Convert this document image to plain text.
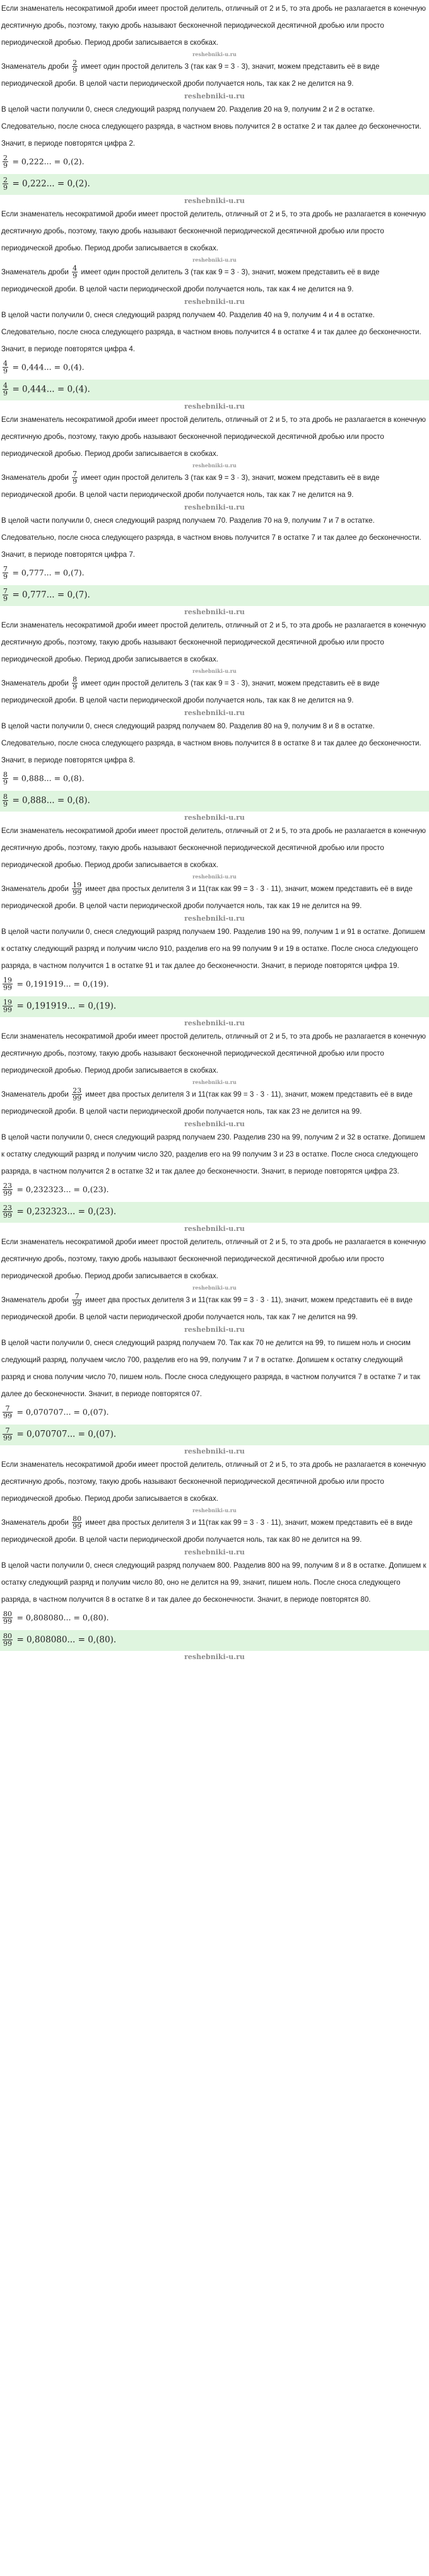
Если знаменатель несократимой дроби имеет простой делитель, отличный от 2 и 5, то эта дробь не разлагается в конечную десятичную дробь, поэтому, такую дробь называют бесконечной периодической десятичной дробью или просто периодической дробью. Период дроби записывается в скобках.

reshebniki-u.ru

Знаменатель дроби $\frac{2}{9}$ имеет один простой делитель 3 (так как 9 = 3 · 3), значит, можем представить её в виде периодической дроби. В целой части периодической дроби получается ноль, так как 2 не делится на 9.

reshebniki-u.ru

В целой части получили 0, снеся следующий разряд получаем 20. Разделив 20 на 9, получим 2 и 2 в остатке. Следовательно, после сноса следующего разряда, в частном вновь получится 2 в остатке 2 и так далее до бесконечности. Значит, в периоде повторятся цифра 2.

$\frac{2}{9} = 0,222$... = 0,(2).
$\frac{2}{9} = 0,222$... = 0,(2).
reshebniki-u.ru

Если знаменатель несократимой дроби имеет простой делитель, отличный от 2 и 5, то эта дробь не разлагается в конечную десятичную дробь, поэтому, такую дробь называют бесконечной периодической десятичной дробью или просто периодической дробью. Период дроби записывается в скобках.

reshebniki-u.ru

Знаменатель дроби $\frac{4}{9}$ имеет один простой делитель 3 (так как 9 = 3 · 3), значит, можем представить её в виде периодической дроби. В целой части периодической дроби получается ноль, так как 4 не делится на 9.

reshebniki-u.ru

В целой части получили 0, снеся следующий разряд получаем 40. Разделив 40 на 9, получим 4 и 4 в остатке. Следовательно, после сноса следующего разряда, в частном вновь получится 4 в остатке 4 и так далее до бесконечности. Значит, в периоде повторятся цифра 4.

$\frac{4}{9} = 0,444$... = 0,(4).
$\frac{4}{9} = 0,444$... = 0,(4).
reshebniki-u.ru

Если знаменатель несократимой дроби имеет простой делитель, отличный от 2 и 5, то эта дробь не разлагается в конечную десятичную дробь, поэтому, такую дробь называют бесконечной периодической десятичной дробью или просто периодической дробью. Период дроби записывается в скобках.

reshebniki-u.ru

Знаменатель дроби $\frac{7}{9}$ имеет один простой делитель 3 (так как 9 = 3 · 3), значит, можем представить её в виде периодической дроби. В целой части периодической дроби получается ноль, так как 7 не делится на 9.

reshebniki-u.ru

В целой части получили 0, снеся следующий разряд получаем 70. Разделив 70 на 9, получим 7 и 7 в остатке. Следовательно, после сноса следующего разряда, в частном вновь получится 7 в остатке 7 и так далее до бесконечности. Значит, в периоде повторятся цифра 7.

$\frac{7}{9} = 0,777$... = 0,(7).
$\frac{7}{9} = 0,777$... = 0,(7).
reshebniki-u.ru

Если знаменатель несократимой дроби имеет простой делитель, отличный от 2 и 5, то эта дробь не разлагается в конечную десятичную дробь, поэтому, такую дробь называют бесконечной периодической десятичной дробью или просто периодической дробью. Период дроби записывается в скобках.

reshebniki-u.ru

Знаменатель дроби $\frac{8}{9}$ имеет один простой делитель 3 (так как 9 = 3 · 3), значит, можем представить её в виде периодической дроби. В целой части периодической дроби получается ноль, так как 8 не делится на 9.

reshebniki-u.ru

В целой части получили 0, снеся следующий разряд получаем 80. Разделив 80 на 9, получим 8 и 8 в остатке. Следовательно, после сноса следующего разряда, в частном вновь получится 8 в остатке 8 и так далее до бесконечности. Значит, в периоде повторятся цифра 8.

$\frac{8}{9} = 0,888$... = 0,(8).
$\frac{8}{9} = 0,888$... = 0,(8).
reshebniki-u.ru

Если знаменатель несократимой дроби имеет простой делитель, отличный от 2 и 5, то эта дробь не разлагается в конечную десятичную дробь, поэтому, такую дробь называют бесконечной периодической десятичной дробью или просто периодической дробью. Период дроби записывается в скобках.

reshebniki-u.ru

Знаменатель дроби $\frac{19}{99}$ имеет два простых делителя 3 и 11(так как 99 = 3 · 3 · 11), значит, можем представить её в виде периодической дроби. В целой части периодической дроби получается ноль, так как 19 не делится на 99.

reshebniki-u.ru

В целой части получили 0, снеся следующий разряд получаем 190. Разделив 190 на 99, получим 1 и 91 в остатке. Допишем к остатку следующий разряд и получим число 910, разделив его на 99 получим 9 и 19 в остатке. После сноса следующего разряда, в частном получится 1 в остатке 91 и так далее до бесконечности. Значит, в периоде повторятся цифра 19.

$\frac{19}{99} = 0,191919$... = 0,(19).
$\frac{19}{99} = 0,191919$... = 0,(19).
reshebniki-u.ru

Если знаменатель несократимой дроби имеет простой делитель, отличный от 2 и 5, то эта дробь не разлагается в конечную десятичную дробь, поэтому, такую дробь называют бесконечной периодической десятичной дробью или просто периодической дробью. Период дроби записывается в скобках.

reshebniki-u.ru

Знаменатель дроби $\frac{23}{99}$ имеет два простых делителя 3 и 11(так как 99 = 3 · 3 · 11), значит, можем представить её в виде периодической дроби. В целой части периодической дроби получается ноль, так как 23 не делится на 99.

reshebniki-u.ru

В целой части получили 0, снеся следующий разряд получаем 230. Разделив 230 на 99, получим 2 и 32 в остатке. Допишем к остатку следующий разряд и получим число 320, разделив его на 99 получим 3 и 23 в остатке. После сноса следующего разряда, в частном получится 2 в остатке 32 и так далее до бесконечности. Значит, в периоде повторятся цифра 23.

$\frac{23}{99} = 0,232323$... = 0,(23).
$\frac{23}{99} = 0,232323$... = 0,(23).
reshebniki-u.ru

Если знаменатель несократимой дроби имеет простой делитель, отличный от 2 и 5, то эта дробь не разлагается в конечную десятичную дробь, поэтому, такую дробь называют бесконечной периодической десятичной дробью или просто периодической дробью. Период дроби записывается в скобках.

reshebniki-u.ru

Знаменатель дроби $\frac{7}{99}$ имеет два простых делителя 3 и 11(так как 99 = 3 · 3 · 11), значит, можем представить её в виде периодической дроби. В целой части периодической дроби получается ноль, так как 7 не делится на 99.

reshebniki-u.ru

В целой части получили 0, снеся следующий разряд получаем 70. Так как 70 не делится на 99, то пишем ноль и сносим следующий разряд, получаем число 700, разделив его на 99, получим 7 и 7 в остатке. Допишем к остатку следующий разряд и снова получим число 70, пишем ноль. После сноса следующего разряда, в частном получится 7 в остатке 7 и так далее до бесконечности. Значит, в периоде повторятся 07.

$\frac{7}{99} = 0,070707$... = 0,(07).
$\frac{7}{99} = 0,070707$... = 0,(07).
reshebniki-u.ru

Если знаменатель несократимой дроби имеет простой делитель, отличный от 2 и 5, то эта дробь не разлагается в конечную десятичную дробь, поэтому, такую дробь называют бесконечной периодической десятичной дробью или просто периодической дробью. Период дроби записывается в скобках.

reshebniki-u.ru

Знаменатель дроби $\frac{80}{99}$ имеет два простых делителя 3 и 11(так как 99 = 3 · 3 · 11), значит, можем представить её в виде периодической дроби. В целой части периодической дроби получается ноль, так как 80 не делится на 99.

reshebniki-u.ru

В целой части получили 0, снеся следующий разряд получаем 800. Разделив 800 на 99, получим 8 и 8 в остатке. Допишем к остатку следующий разряд и получим число 80, оно не делится на 99, значит, пишем ноль. После сноса следующего разряда, в частном получится 8 в остатке 8 и так далее до бесконечности. Значит, в периоде повторятся 80.

$\frac{80}{99} = 0,808080$... = 0,(80).
$\frac{80}{99} = 0,808080$... = 0,(80).
reshebniki-u.ru
